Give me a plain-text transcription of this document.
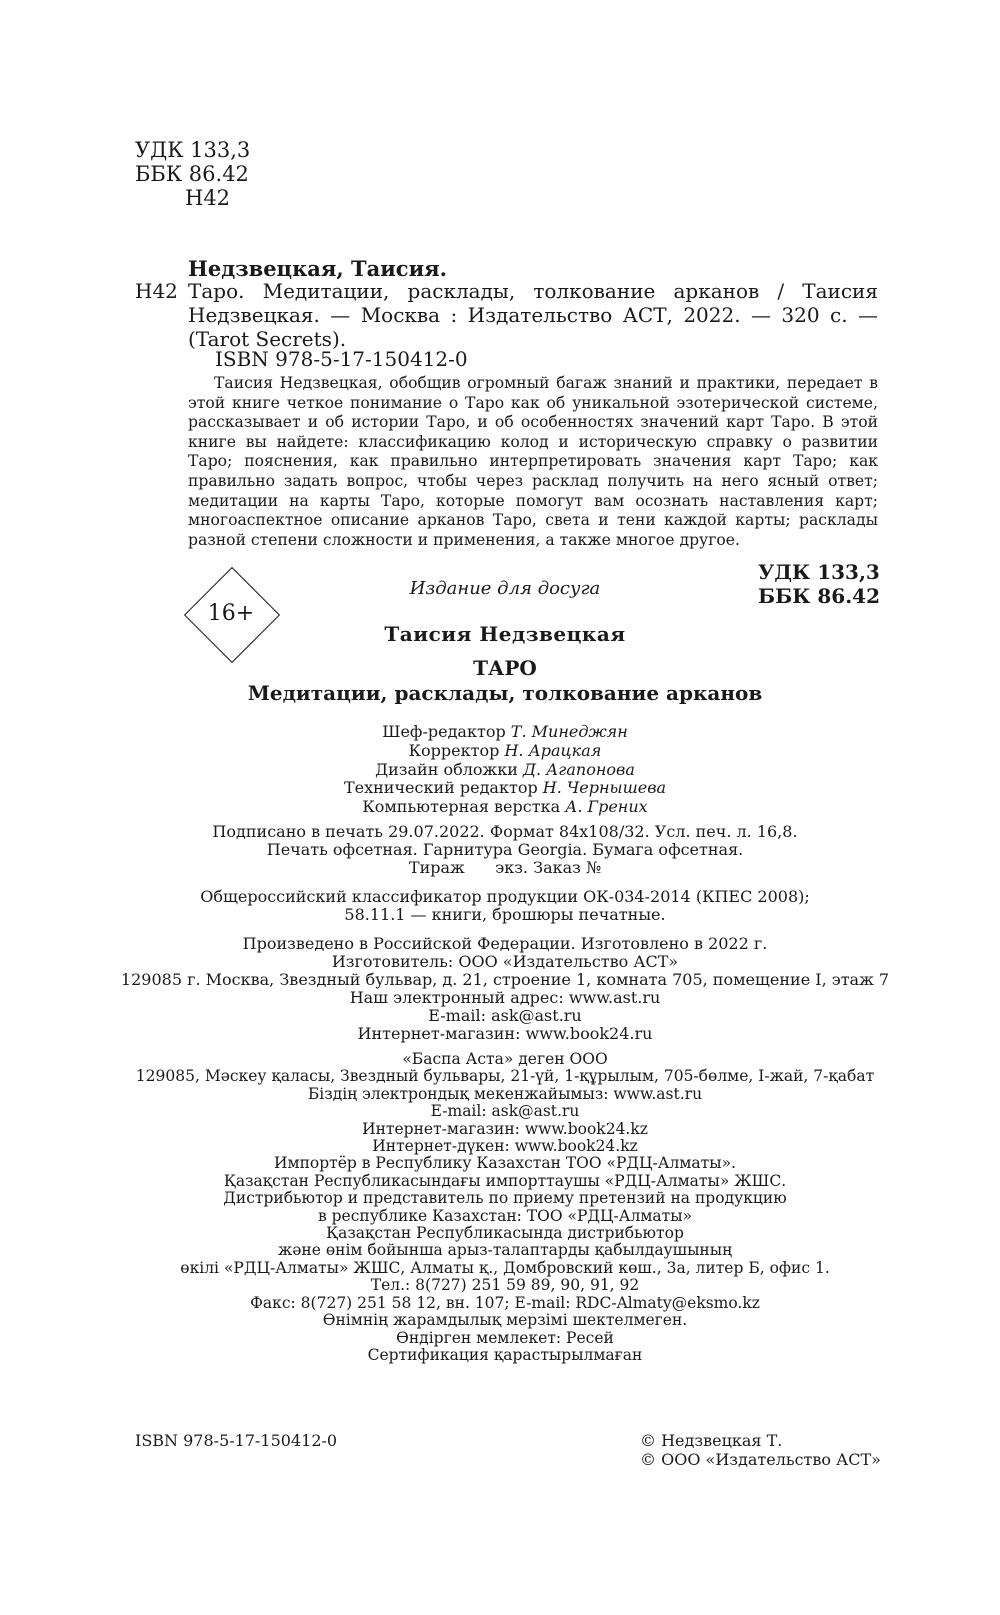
УДК 133,3
ББК 86.42
Н42
Недзвецкая, Таисия.
Н42 Таро. Медитации, расклады, толкование арканов / Таисия Недзвецкая. — Москва : Издательство АСТ, 2022. — 320 с. — (Tarot Secrets).
ISBN 978-5-17-150412-0
Таисия Недзвецкая, обобщив огромный багаж знаний и практики, передает в этой книге четкое понимание о Таро как об уникальной эзотерической системе, рассказывает и об истории Таро, и об особенностях значений карт Таро. В этой книге вы найдете: классификацию колод и историческую справку о развитии Таро; пояснения, как правильно интерпретировать значения карт Таро; как правильно задать вопрос, чтобы через расклад получить на него ясный ответ; медитации на карты Таро, которые помогут вам осознать наставления карт; многоаспектное описание арканов Таро, света и тени каждой карты; расклады разной степени сложности и применения, а также многое другое.
УДК 133,3
ББК 86.42
16+
Издание для досуга
Таисия Недзвецкая
ТАРО
Медитации, расклады, толкование арканов
Шеф-редактор Т. Минеджян
Корректор Н. Арацкая
Дизайн обложки Д. Агапонова
Технический редактор Н. Чернышева
Компьютерная верстка А. Грених
Подписано в печать 29.07.2022. Формат 84x108/32. Усл. печ. л. 16,8.
Печать офсетная. Гарнитура Georgia. Бумага офсетная.
Тираж      экз. Заказ №
Общероссийский классификатор продукции ОК-034-2014 (КПЕС 2008);
58.11.1 — книги, брошюры печатные.
Произведено в Российской Федерации. Изготовлено в 2022 г.
Изготовитель: ООО «Издательство АСТ»
129085 г. Москва, Звездный бульвар, д. 21, строение 1, комната 705, помещение I, этаж 7
Наш электронный адрес: www.ast.ru
E-mail: ask@ast.ru
Интернет-магазин: www.book24.ru
«Баспа Аста» деген ООО
129085, Мәскеу қаласы, Звездный бульвары, 21-үй, 1-құрылым, 705-бөлме, І-жай, 7-қабат
Біздің электрондық мекенжайымыз: www.ast.ru
E-mail: ask@ast.ru
Интернет-магазин: www.book24.kz
Интернет-дүкен: www.book24.kz
Импортёр в Республику Казахстан ТОО «РДЦ-Алматы».
Қазақстан Республикасындағы импорттаушы «РДЦ-Алматы» ЖШС.
Дистрибьютор и представитель по приему претензий на продукцию
в республике Казахстан: ТОО «РДЦ-Алматы»
Қазақстан Республикасында дистрибьютор
және өнім бойынша арыз-талаптарды қабылдаушының
өкілі «РДЦ-Алматы» ЖШС, Алматы қ., Домбровский көш., 3а, литер Б, офис 1.
Тел.: 8(727) 251 59 89, 90, 91, 92
Факс: 8(727) 251 58 12, вн. 107; E-mail: RDC-Almaty@eksmo.kz
Өнімнің жарамдылық мерзімі шектелмеген.
Өндірген мемлекет: Ресей
Сертификация қарастырылмаған
ISBN 978-5-17-150412-0	© Недзвецкая Т.
© ООО «Издательство АСТ»
